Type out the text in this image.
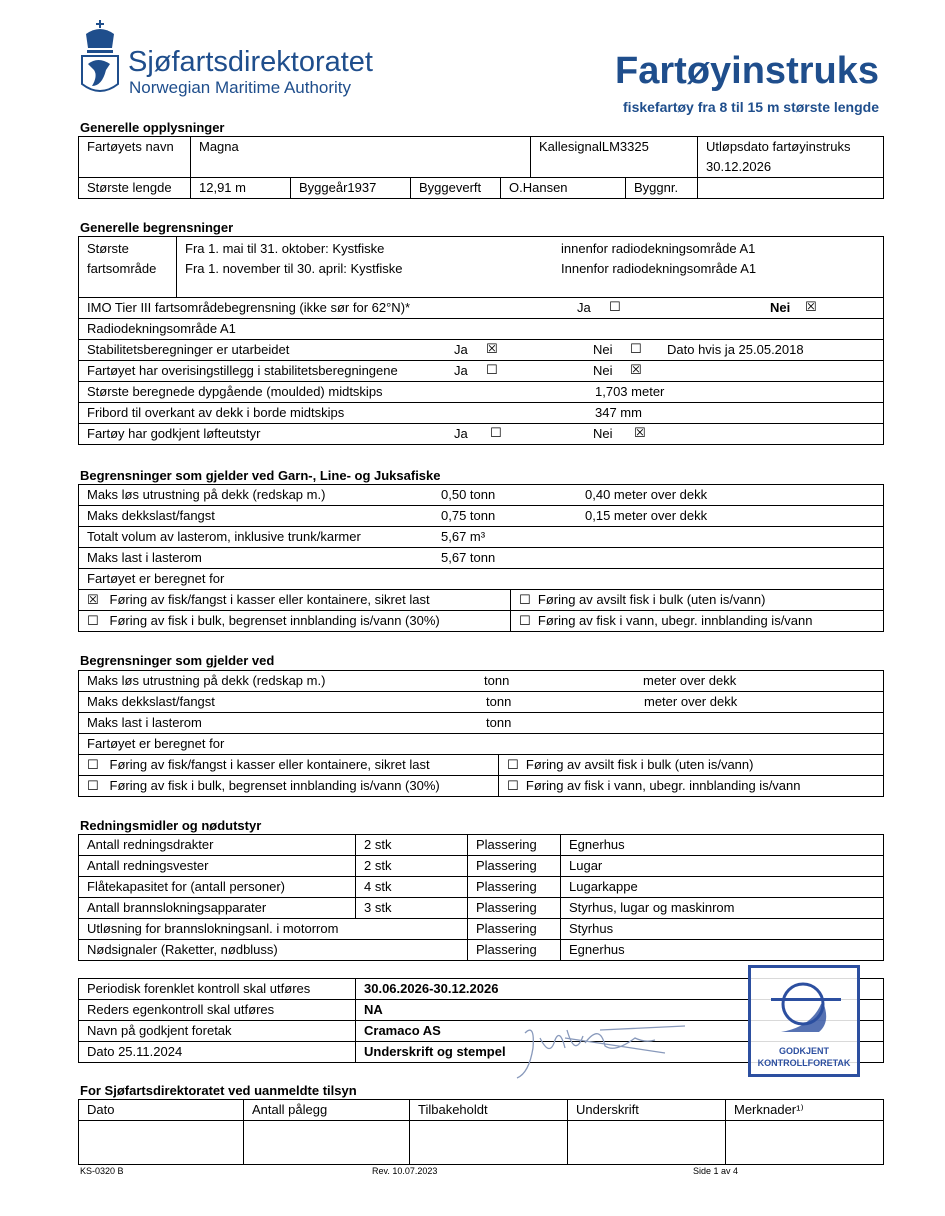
Sjøfartsdirektoratet
Norwegian Maritime Authority	Fartøyinstruks
fiskefartøy fra 8 til 15 m største lengde
Generelle opplysninger
Fartøyets navn	Magna	KallesignalLM3325	Utløpsdato fartøyinstruks
30.12.2026
Største lengde	12,91 m	Byggeår1937	Byggeverft	O.Hansen	Byggnr.
Generelle begrensninger
Største
fartsområde
Fra 1. mai til 31. oktober: Kystfiske	innenfor radiodekningsområde A1
Fra 1. november til 30. april: Kystfiske	Innenfor radiodekningsområde A1
IMO Tier III fartsområdebegrensning (ikke sør for 62°N)*	Ja ☐	Nei ☒
Radiodekningsområde A1
Stabilitetsberegninger er utarbeidet	Ja ☒	Nei ☐ Dato hvis ja 25.05.2018
Fartøyet har overisingstillegg i stabilitetsberegningene	Ja ☐	Nei ☒
Største beregnede dypgående (moulded) midtskips	1,703 meter
Fribord til overkant av dekk i borde midtskips	347 mm
Fartøy har godkjent løfteutstyr	Ja ☐	Nei ☒
Begrensninger som gjelder ved Garn-, Line- og Juksafiske
Maks løs utrustning på dekk (redskap m.)	0,50 tonn	0,40 meter over dekk
Maks dekkslast/fangst	0,75 tonn	0,15 meter over dekk
Totalt volum av lasterom, inklusive trunk/karmer	5,67 m³
Maks last i lasterom	5,67 tonn
Fartøyet er beregnet for
☒ Føring av fisk/fangst i kasser eller kontainere, sikret last	☐ Føring av avsilt fisk i bulk (uten is/vann)
☐ Føring av fisk i bulk, begrenset innblanding is/vann (30%)	☐ Føring av fisk i vann, ubegr. innblanding is/vann
Begrensninger som gjelder ved
Maks løs utrustning på dekk (redskap m.)	tonn	meter over dekk
Maks dekkslast/fangst	tonn	meter over dekk
Maks last i lasterom	tonn
Fartøyet er beregnet for
☐ Føring av fisk/fangst i kasser eller kontainere, sikret last	☐ Føring av avsilt fisk i bulk (uten is/vann)
☐ Føring av fisk i bulk, begrenset innblanding is/vann (30%)	☐ Føring av fisk i vann, ubegr. innblanding is/vann
Redningsmidler og nødutstyr
Antall redningsdrakter	2 stk	Plassering	Egnerhus
Antall redningsvester	2 stk	Plassering	Lugar
Flåtekapasitet for (antall personer)	4 stk	Plassering	Lugarkappe
Antall brannslokningsapparater	3 stk	Plassering	Styrhus, lugar og maskinrom
Utløsning for brannslokningsanl. i motorrom	Plassering	Styrhus
Nødsignaler (Raketter, nødbluss)	Plassering	Egnerhus
Periodisk forenklet kontroll skal utføres	30.06.2026-30.12.2026
Reders egenkontroll skal utføres	NA
Navn på godkjent foretak	Cramaco AS
Dato 25.11.2024	Underskrift og stempel	GODKJENT
KONTROLLFORETAK
For Sjøfartsdirektoratet ved uanmeldte tilsyn
Dato	Antall pålegg	Tilbakeholdt	Underskrift	Merknader¹⁾
KS-0320 B	Rev. 10.07.2023	Side 1 av 4
